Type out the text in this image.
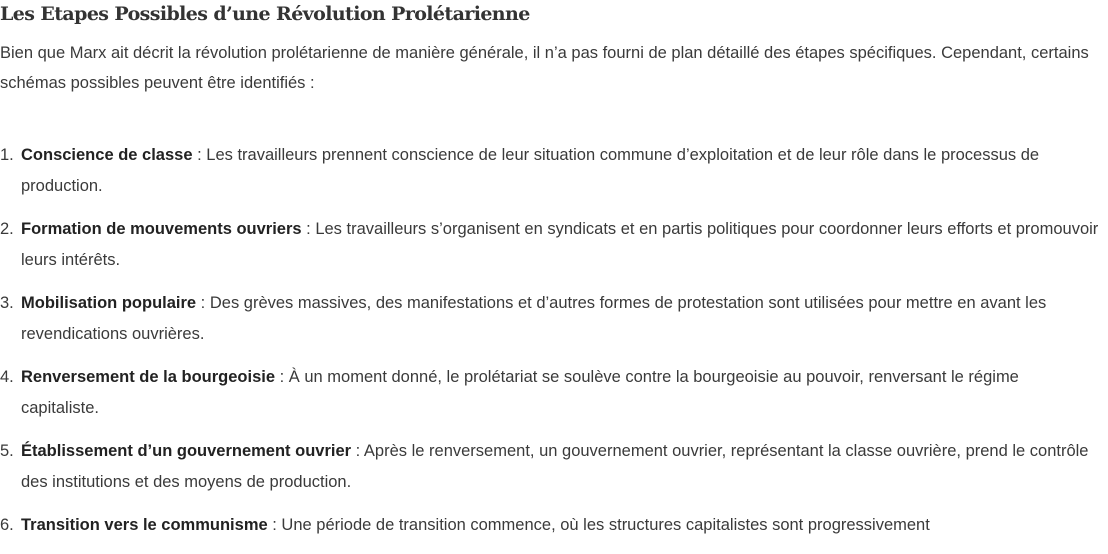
Les Etapes Possibles d’une Révolution Prolétarienne

Bien que Marx ait décrit la révolution prolétarienne de manière générale, il n’a pas fourni de plan détaillé des étapes spécifiques. Cependant, certains schémas possibles peuvent être identifiés :

1. Conscience de classe : Les travailleurs prennent conscience de leur situation commune d’exploitation et de leur rôle dans le processus de production.
2. Formation de mouvements ouvriers : Les travailleurs s’organisent en syndicats et en partis politiques pour coordonner leurs efforts et promouvoir leurs intérêts.
3. Mobilisation populaire : Des grèves massives, des manifestations et d’autres formes de protestation sont utilisées pour mettre en avant les revendications ouvrières.
4. Renversement de la bourgeoisie : À un moment donné, le prolétariat se soulève contre la bourgeoisie au pouvoir, renversant le régime capitaliste.
5. Établissement d’un gouvernement ouvrier : Après le renversement, un gouvernement ouvrier, représentant la classe ouvrière, prend le contrôle des institutions et des moyens de production.
6. Transition vers le communisme : Une période de transition commence, où les structures capitalistes sont progressivement
